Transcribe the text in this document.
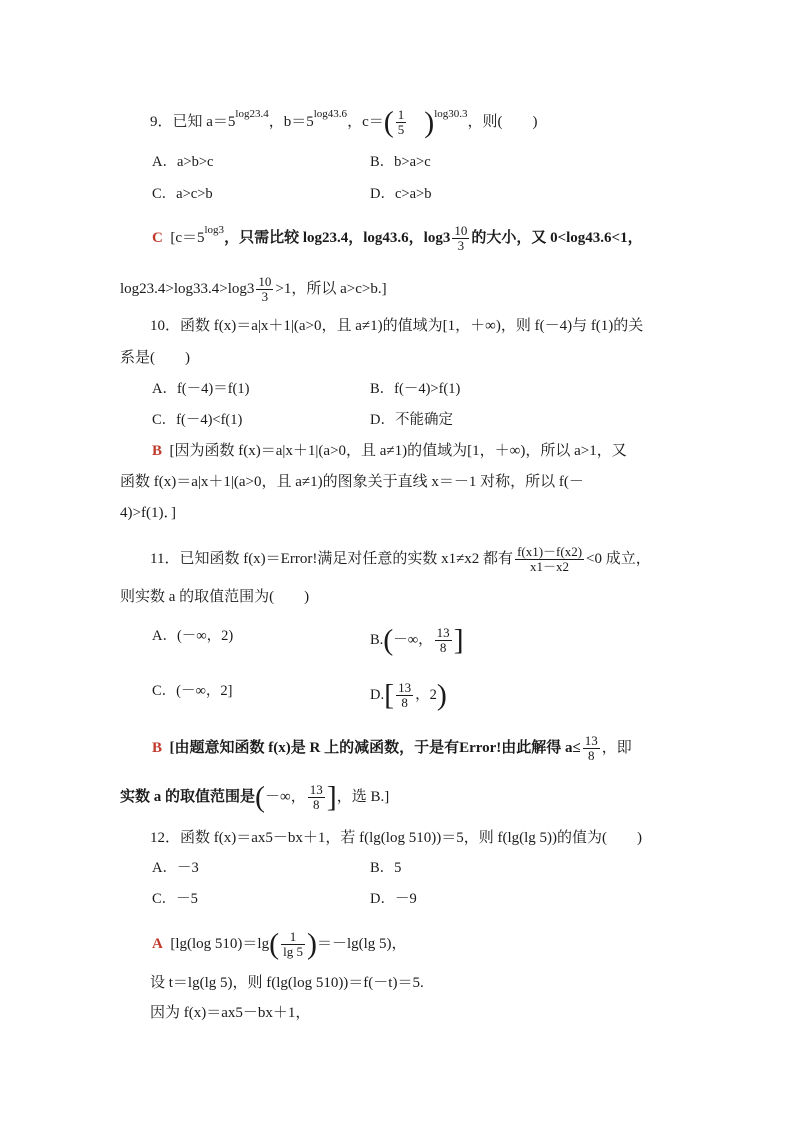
9．已知 $a=5^{log23.4}$，$b=5^{log43.6}$，$c=( \frac{1}{5} )^{log30.3}$，则(　　)
A．a>b>c	B．b>a>c
C．a>c>b	D．c>a>b
C [$c=5^{log3}$，只需比较 log23.4，log43.6，$\log 3 \frac{10}{3}$ 的大小，又 0<log43.6<1，
$\log 23.4>\log 33.4>\log 3 \frac{10}{3} >1$，所以 a>c>b.]
10．函数 f(x)＝a|x＋1|(a>0，且 a≠1)的值域为[1，＋∞)，则 f(－4)与 f(1)的关
系是(　　)
A．f(－4)＝f(1)	B．f(－4)>f(1)
C．f(－4)<f(1)	D．不能确定
B [因为函数 f(x)＝a|x＋1|(a>0，且 a≠1)的值域为[1，＋∞)，所以 a>1，又
函数 f(x)＝a|x＋1|(a>0，且 a≠1)的图象关于直线 x＝－1 对称，所以 f(－
4)>f(1)．]
11．已知函数 f(x)＝Error!满足对任意的实数 x1≠x2 都有 $\frac{f(x1)-f(x2)}{x1-x2} <0$ 成立，
则实数 a 的取值范围为(　　)
A．(－∞，2)	B.(－∞， $\frac{13}{8}$ ]
C．(－∞，2]	$D.[ \frac{13}{8}$ ，2)
B [由题意知函数 f(x)是 R 上的减函数，于是有Error!由此解得 $a\le \frac{13}{8}$ ，即
实数 a 的取值范围是(－∞， $\frac{13}{8}$ ]，选 B.]
12．函数 f(x)＝ax5－bx＋1，若 f(lg(log 510))＝5，则 f(lg(lg 5))的值为(　　)
A．－3	B．5
C．－5	D．－9
A [lg(log $510)=\lg( \frac{1}{\lg 5} )=-\lg(\lg$ 5)，
设 t＝lg(lg 5)，则 f(lg(log 510))＝f(－t)＝5.
因为 f(x)＝ax5－bx＋1，
